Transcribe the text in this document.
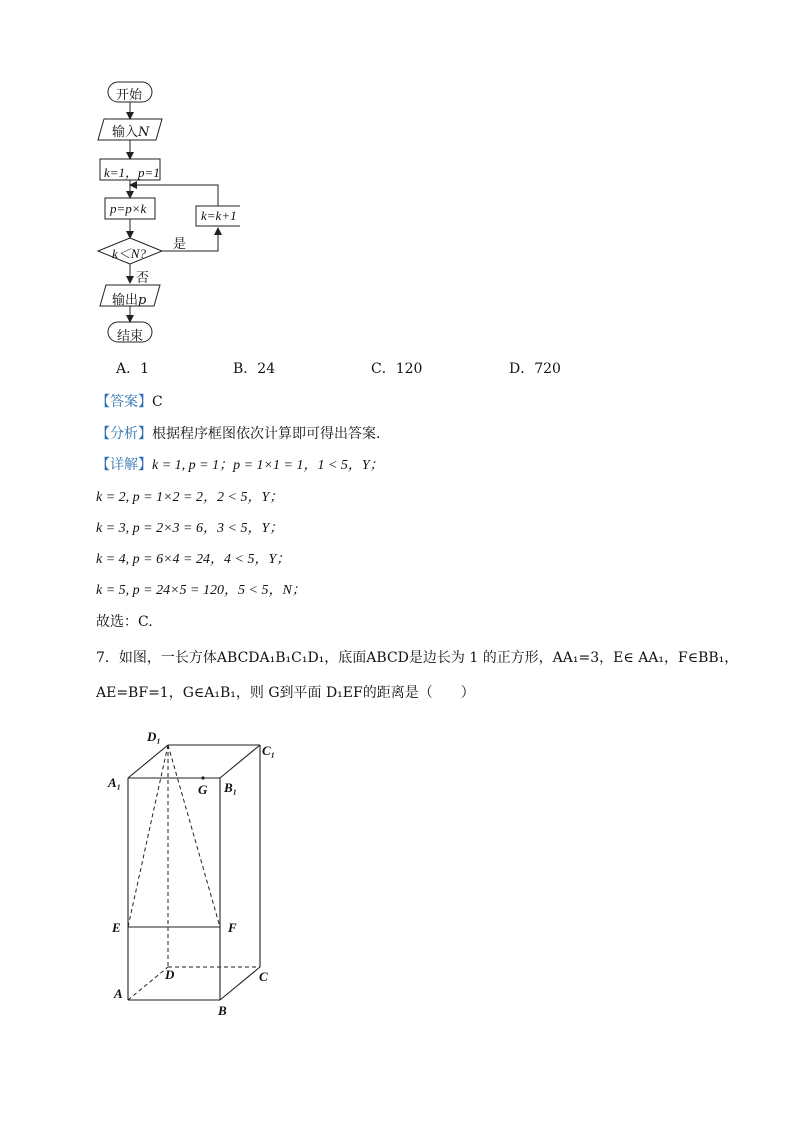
开始
输入N
k=1，p=1
p=p×k	k=k+1
k＜N?
是
否
输出p
结束
A．1	B．24	C．120	D．720
【答案】C
【分析】根据程序框图依次计算即可得出答案.
【详解】k = 1, p = 1；p = 1×1 = 1，1 < 5，Y；
k = 2, p = 1×2 = 2，2 < 5，Y；
k = 3, p = 2×3 = 6，3 < 5，Y；
k = 4, p = 6×4 = 24，4 < 5，Y；
k = 5, p = 24×5 = 120，5 < 5，N；
故选：C.
7．如图，一长方体ABCDA₁B₁C₁D₁，底面ABCD是边长为 1 的正方形，AA₁=3，E∈ AA₁，F∈BB₁，
AE=BF=1，G∈A₁B₁，则 G到平面 D₁EF的距离是（　　）
D₁
C₁
A₁	G B₁
E	F
D	C
A
B
